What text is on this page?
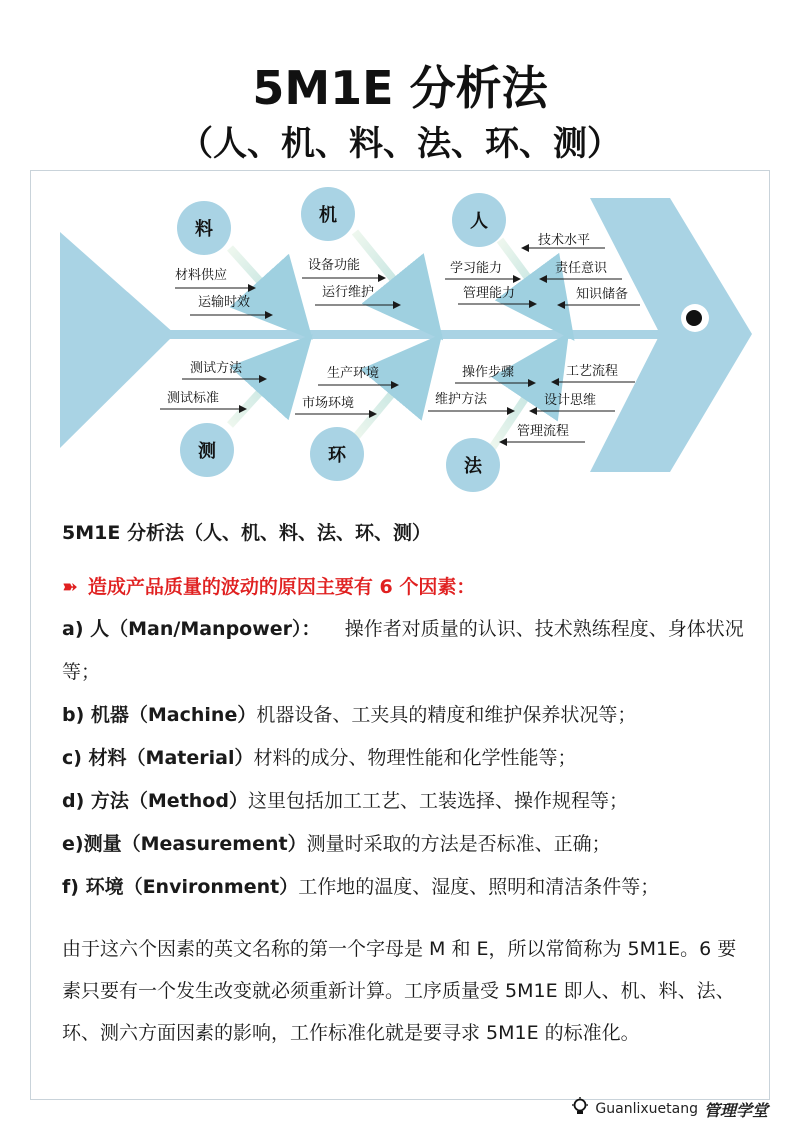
5M1E 分析法
（人、机、料、法、环、测）
料
机	人
测	环
法
材料供应
运输时效
设备功能
运行维护
技术水平
学习能力	责任意识
管理能力	知识储备
测试方法
测试标准
生产环境
市场环境
操作步骤	工艺流程
维护方法	设计思维
管理流程
5M1E 分析法（人、机、料、法、环、测）
➽ 造成产品质量的波动的原因主要有 6 个因素：
a) 人（Man/Manpower）： 操作者对质量的认识、技术熟练程度、身体状况等；
b) 机器（Machine）机器设备、工夹具的精度和维护保养状况等；
c) 材料（Material）材料的成分、物理性能和化学性能等；
d) 方法（Method）这里包括加工工艺、工装选择、操作规程等；
e)测量（Measurement）测量时采取的方法是否标准、正确；
f) 环境（Environment）工作地的温度、湿度、照明和清洁条件等；
由于这六个因素的英文名称的第一个字母是 M 和 E，所以常简称为 5M1E。6 要素只要有一个发生改变就必须重新计算。工序质量受 5M1E 即人、机、料、法、环、测六方面因素的影响，工作标准化就是要寻求 5M1E 的标准化。
Guanlixuetang 管理学堂
